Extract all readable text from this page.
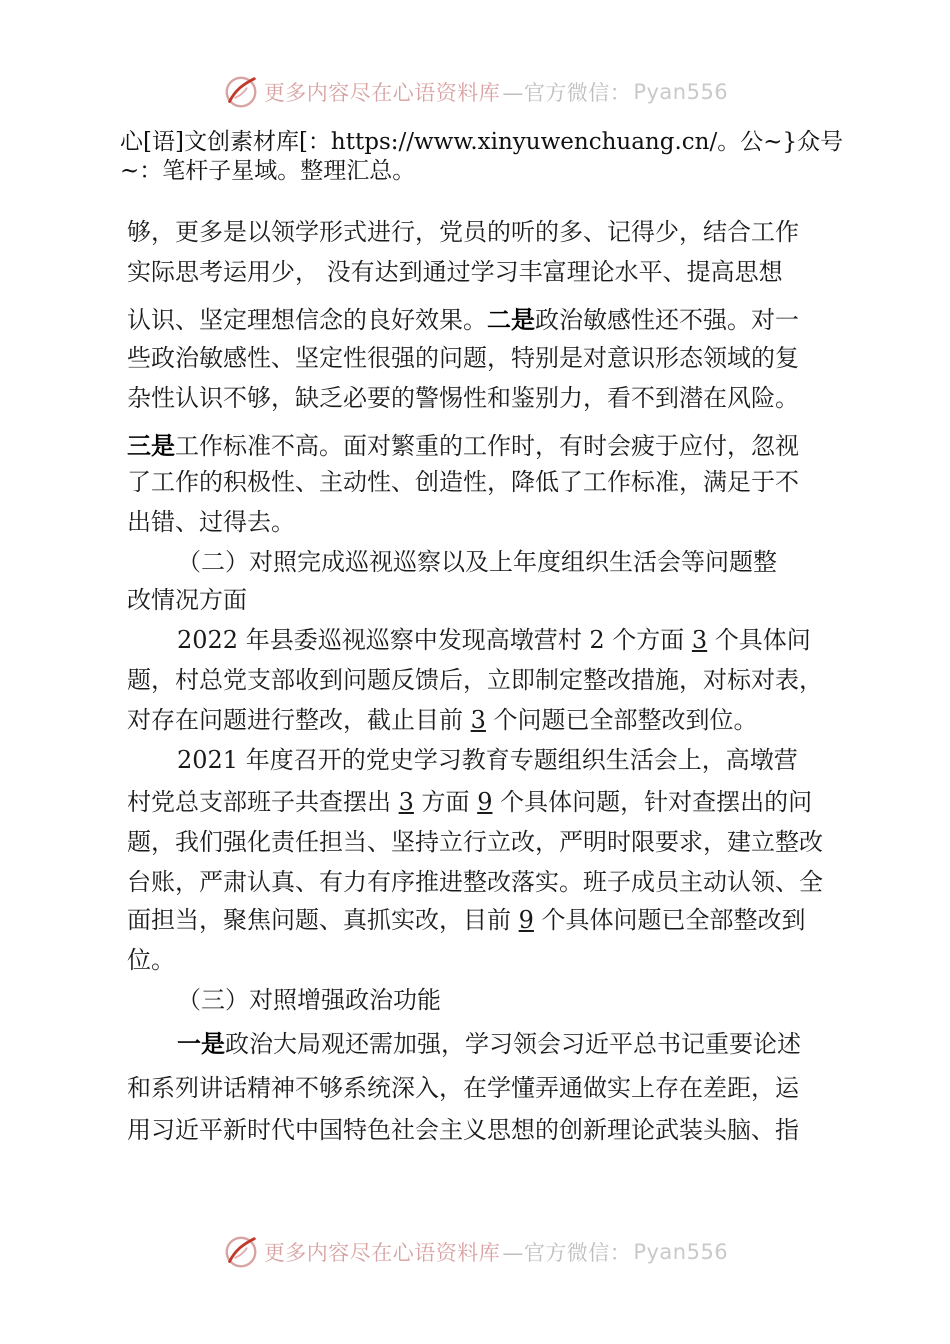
更多内容尽在心语资料库 —官方微信： Pyan556
心[语]文创素材库[：https://www.xinyuwenchuang.cn/。公~}众号~：笔杆子星域。整理汇总。
够，更多是以领学形式进行，党员的听的多、记得少，结合工作
实际思考运用少， 没有达到通过学习丰富理论水平、提高思想
认识、坚定理想信念的良好效果。二是政治敏感性还不强。对一
些政治敏感性、坚定性很强的问题，特别是对意识形态领域的复
杂性认识不够，缺乏必要的警惕性和鉴别力，看不到潜在风险。
三是工作标准不高。面对繁重的工作时，有时会疲于应付，忽视
了工作的积极性、主动性、创造性，降低了工作标准，满足于不
出错、过得去。
（二）对照完成巡视巡察以及上年度组织生活会等问题整
改情况方面
2022 年县委巡视巡察中发现高墩营村 2 个方面 3 个具体问
题，村总党支部收到问题反馈后，立即制定整改措施，对标对表，
对存在问题进行整改，截止目前 3 个问题已全部整改到位。
2021 年度召开的党史学习教育专题组织生活会上，高墩营
村党总支部班子共查摆出 3 方面 9 个具体问题，针对查摆出的问
题，我们强化责任担当、坚持立行立改，严明时限要求，建立整改
台账，严肃认真、有力有序推进整改落实。班子成员主动认领、全
面担当，聚焦问题、真抓实改，目前 9 个具体问题已全部整改到
位。
（三）对照增强政治功能
一是政治大局观还需加强，学习领会习近平总书记重要论述
和系列讲话精神不够系统深入，在学懂弄通做实上存在差距，运
用习近平新时代中国特色社会主义思想的创新理论武装头脑、指
更多内容尽在心语资料库 —官方微信： Pyan556
